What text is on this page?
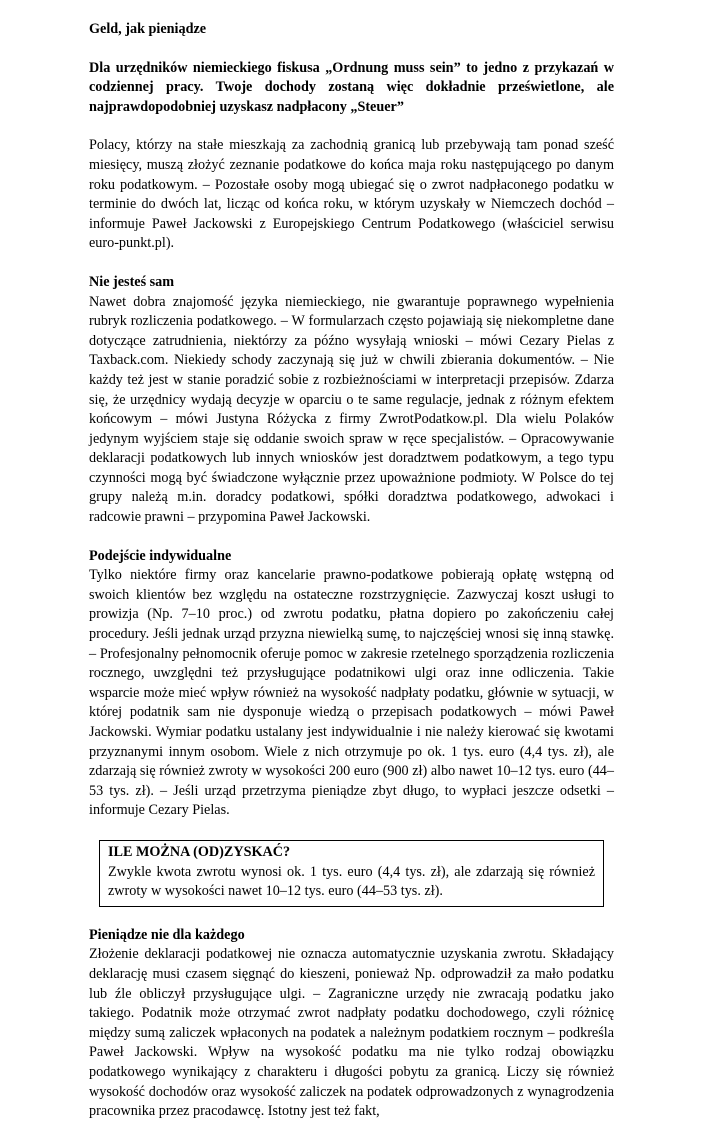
Geld, jak pieniądze

Dla urzędników niemieckiego fiskusa „Ordnung muss sein” to jedno z przykazań w codziennej pracy. Twoje dochody zostaną więc dokładnie prześwietlone, ale najprawdopodobniej uzyskasz nadpłacony „Steuer”

Polacy, którzy na stałe mieszkają za zachodnią granicą lub przebywają tam ponad sześć miesięcy, muszą złożyć zeznanie podatkowe do końca maja roku następującego po danym roku podatkowym. – Pozostałe osoby mogą ubiegać się o zwrot nadpłaconego podatku w terminie do dwóch lat, licząc od końca roku, w którym uzyskały w Niemczech dochód – informuje Paweł Jackowski z Europejskiego Centrum Podatkowego (właściciel serwisu euro-punkt.pl).

Nie jesteś sam

Nawet dobra znajomość języka niemieckiego, nie gwarantuje poprawnego wypełnienia rubryk rozliczenia podatkowego. – W formularzach często pojawiają się niekompletne dane dotyczące zatrudnienia, niektórzy za późno wysyłają wnioski – mówi Cezary Pielas z Taxback.com. Niekiedy schody zaczynają się już w chwili zbierania dokumentów. – Nie każdy też jest w stanie poradzić sobie z rozbieżnościami w interpretacji przepisów. Zdarza się, że urzędnicy wydają decyzje w oparciu o te same regulacje, jednak z różnym efektem końcowym – mówi Justyna Różycka z firmy ZwrotPodatkow.pl. Dla wielu Polaków jedynym wyjściem staje się oddanie swoich spraw w ręce specjalistów. – Opracowywanie deklaracji podatkowych lub innych wniosków jest doradztwem podatkowym, a tego typu czynności mogą być świadczone wyłącznie przez upoważnione podmioty. W Polsce do tej grupy należą m.in. doradcy podatkowi, spółki doradztwa podatkowego, adwokaci i radcowie prawni – przypomina Paweł Jackowski.

Podejście indywidualne

Tylko niektóre firmy oraz kancelarie prawno-podatkowe pobierają opłatę wstępną od swoich klientów bez względu na ostateczne rozstrzygnięcie. Zazwyczaj koszt usługi to prowizja (Np. 7–10 proc.) od zwrotu podatku, płatna dopiero po zakończeniu całej procedury. Jeśli jednak urząd przyzna niewielką sumę, to najczęściej wnosi się inną stawkę. – Profesjonalny pełnomocnik oferuje pomoc w zakresie rzetelnego sporządzenia rozliczenia rocznego, uwzględni też przysługujące podatnikowi ulgi oraz inne odliczenia. Takie wsparcie może mieć wpływ również na wysokość nadpłaty podatku, głównie w sytuacji, w której podatnik sam nie dysponuje wiedzą o przepisach podatkowych – mówi Paweł Jackowski. Wymiar podatku ustalany jest indywidualnie i nie należy kierować się kwotami przyznanymi innym osobom. Wiele z nich otrzymuje po ok. 1 tys. euro (4,4 tys. zł), ale zdarzają się również zwroty w wysokości 200 euro (900 zł) albo nawet 10–12 tys. euro (44–53 tys. zł). – Jeśli urząd przetrzyma pieniądze zbyt długo, to wypłaci jeszcze odsetki – informuje Cezary Pielas.

ILE MOŻNA (OD)ZYSKAĆ?

Zwykle kwota zwrotu wynosi ok. 1 tys. euro (4,4 tys. zł), ale zdarzają się również zwroty w wysokości nawet 10–12 tys. euro (44–53 tys. zł).

Pieniądze nie dla każdego

Złożenie deklaracji podatkowej nie oznacza automatycznie uzyskania zwrotu. Składający deklarację musi czasem sięgnąć do kieszeni, ponieważ Np. odprowadził za mało podatku lub źle obliczył przysługujące ulgi. – Zagraniczne urzędy nie zwracają podatku jako takiego. Podatnik może otrzymać zwrot nadpłaty podatku dochodowego, czyli różnicę między sumą zaliczek wpłaconych na podatek a należnym podatkiem rocznym – podkreśla Paweł Jackowski. Wpływ na wysokość podatku ma nie tylko rodzaj obowiązku podatkowego wynikający z charakteru i długości pobytu za granicą. Liczy się również wysokość dochodów oraz wysokość zaliczek na podatek odprowadzonych z wynagrodzenia pracownika przez pracodawcę. Istotny jest też fakt,
